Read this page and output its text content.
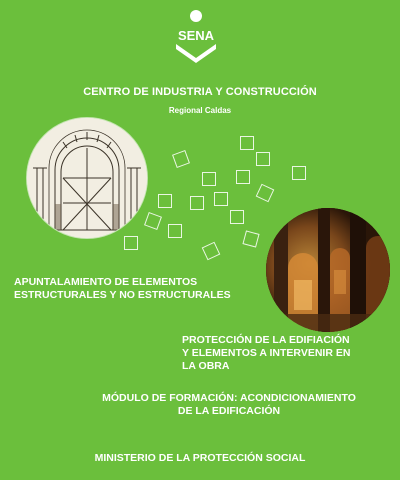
SENA
CENTRO DE INDUSTRIA Y CONSTRUCCIÓN
Regional Caldas
APUNTALAMIENTO DE ELEMENTOS
ESTRUCTURALES Y NO ESTRUCTURALES
PROTECCIÓN DE LA EDIFIACIÓN
Y ELEMENTOS A INTERVENIR EN
LA OBRA
MÓDULO DE FORMACIÓN: ACONDICIONAMIENTO
DE LA EDIFICACIÓN
MINISTERIO DE LA PROTECCIÓN SOCIAL
